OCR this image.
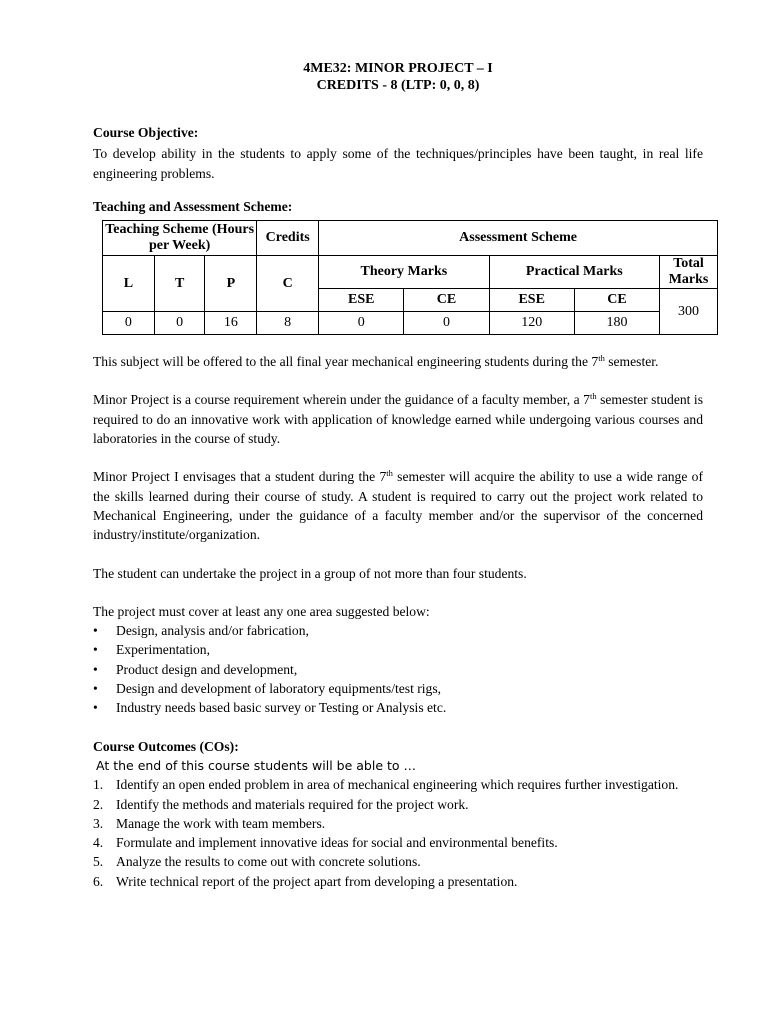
4ME32: MINOR PROJECT – I
CREDITS - 8 (LTP: 0, 0, 8)
Course Objective:

To develop ability in the students to apply some of the techniques/principles have been taught, in real life engineering problems.

Teaching and Assessment Scheme:
Teaching Scheme (Hours per Week)			Credits	Assessment Scheme				
L	T	P	C	Theory Marks		Practical Marks		Total Marks
				ESE	CE	ESE	CE	300
0	0	16	8	0	0	120	180	

This subject will be offered to the all final year mechanical engineering students during the 7th semester.

Minor Project is a course requirement wherein under the guidance of a faculty member, a 7th semester student is required to do an innovative work with application of knowledge earned while undergoing various courses and laboratories in the course of study.

Minor Project I envisages that a student during the 7th semester will acquire the ability to use a wide range of the skills learned during their course of study. A student is required to carry out the project work related to Mechanical Engineering, under the guidance of a faculty member and/or the supervisor of the concerned industry/institute/organization.

The student can undertake the project in a group of not more than four students.

The project must cover at least any one area suggested below:

• Design, analysis and/or fabrication,
• Experimentation,
• Product design and development,
• Design and development of laboratory equipments/test rigs,
• Industry needs based basic survey or Testing or Analysis etc.
Course Outcomes (COs):
At the end of this course students will be able to …
1. Identify an open ended problem in area of mechanical engineering which requires further investigation.
2. Identify the methods and materials required for the project work.
3. Manage the work with team members.
4. Formulate and implement innovative ideas for social and environmental benefits.
5. Analyze the results to come out with concrete solutions.
6. Write technical report of the project apart from developing a presentation.
